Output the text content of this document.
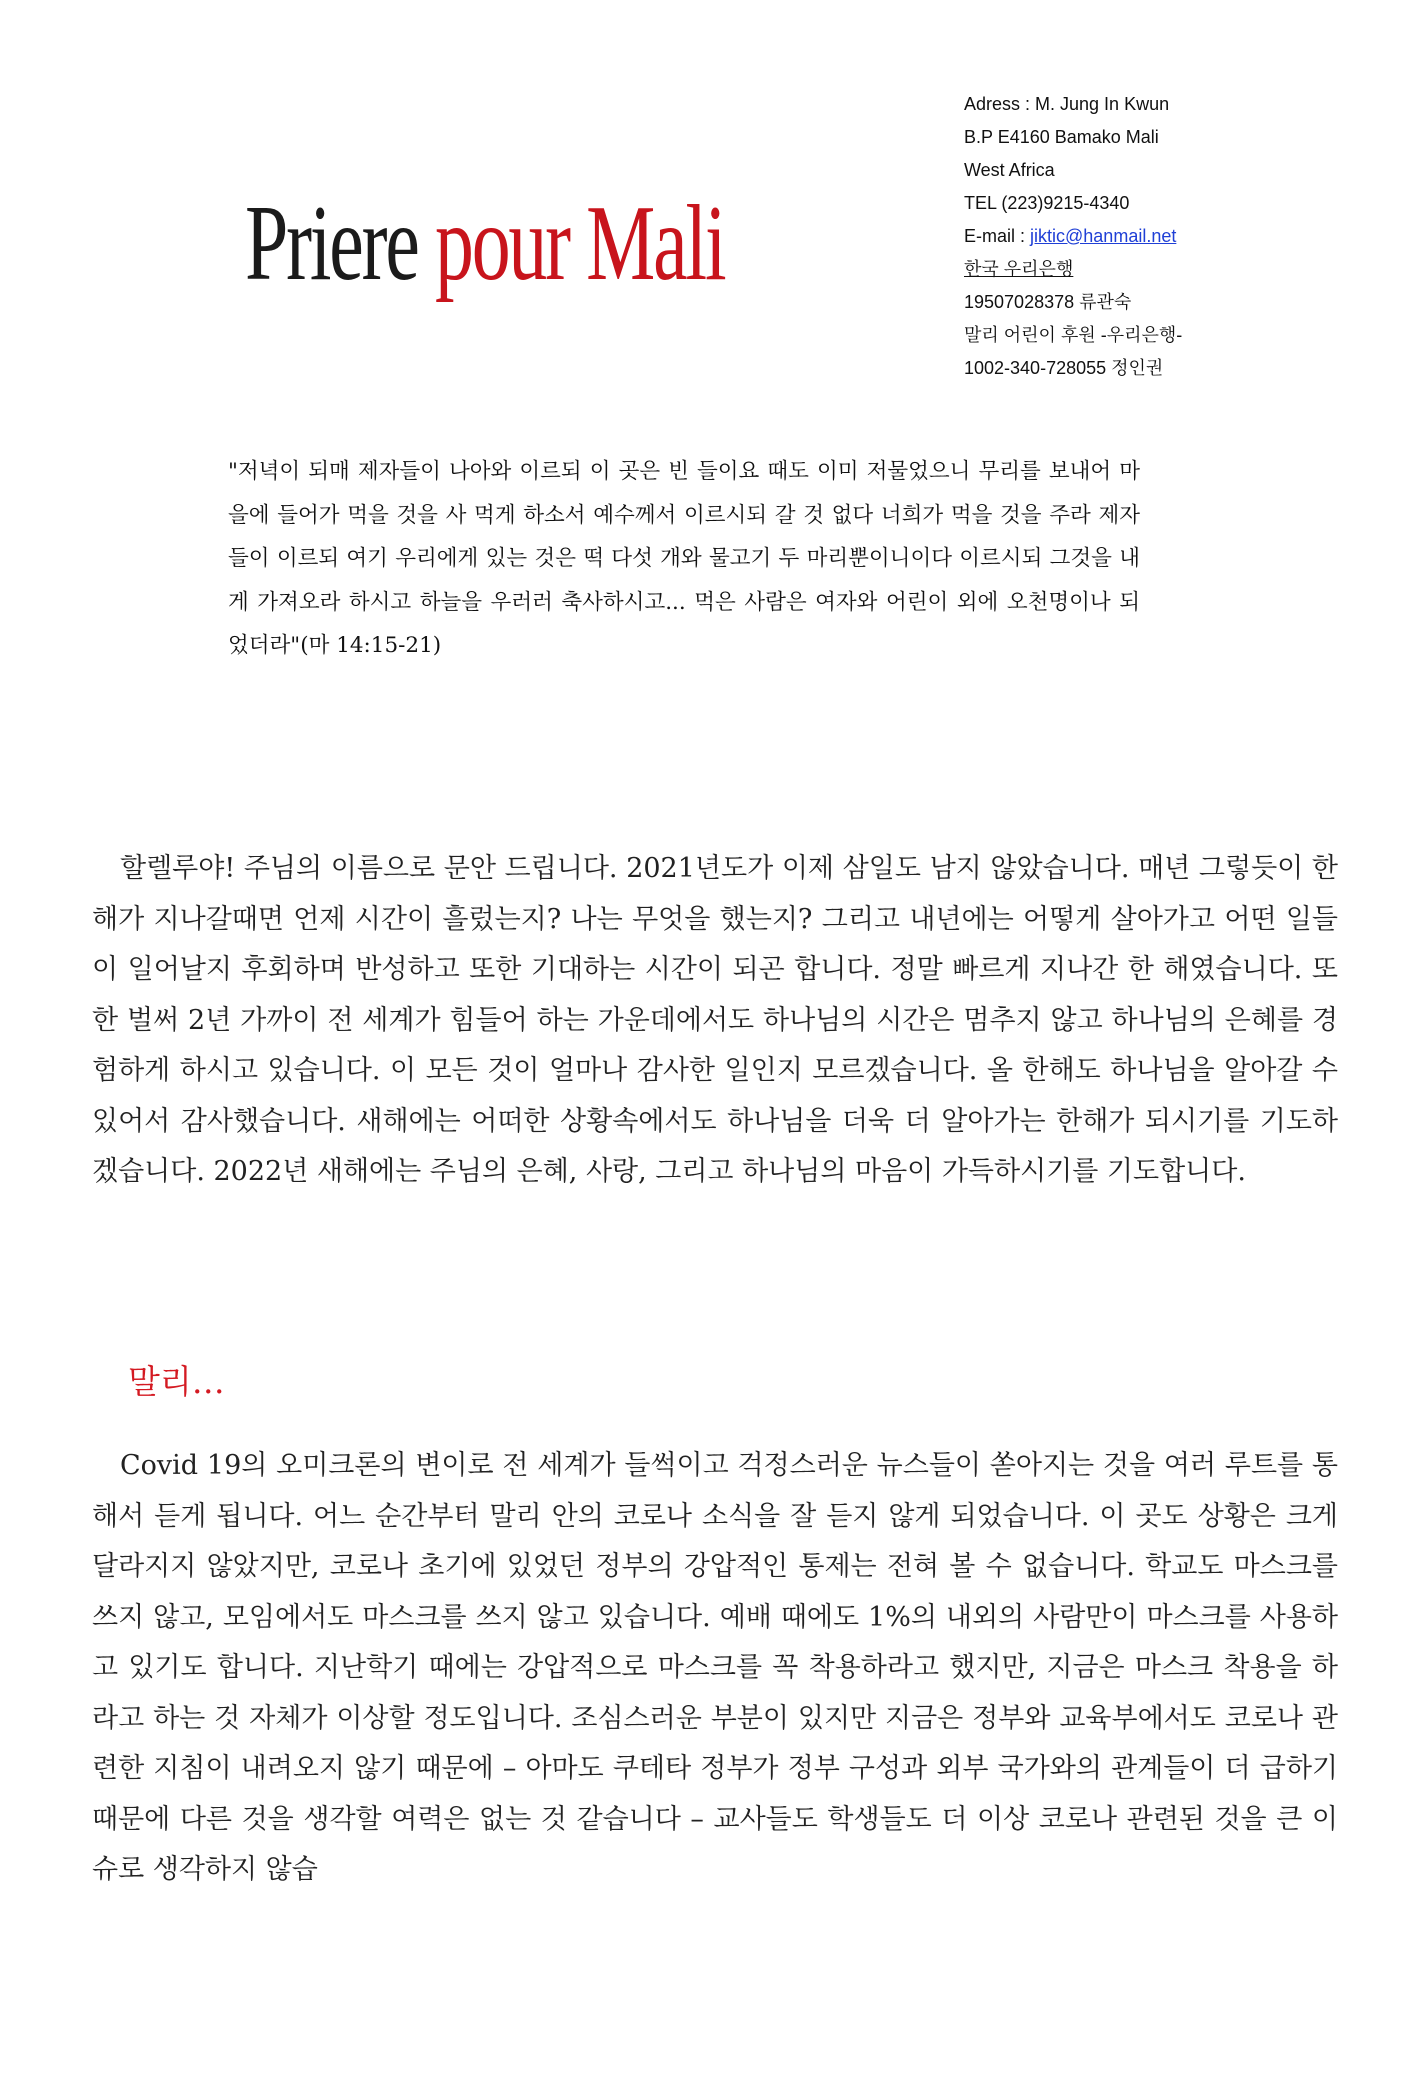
Priere pour Mali
Adress : M. Jung In Kwun
B.P E4160 Bamako Mali
West Africa
TEL (223)9215-4340
E-mail : jiktic@hanmail.net
한국 우리은행
19507028378 류관숙
말리 어린이 후원 -우리은행-
1002-340-728055 정인권
"저녁이 되매 제자들이 나아와 이르되 이 곳은 빈 들이요 때도 이미 저물었으니 무리를 보내어 마을에 들어가 먹을 것을 사 먹게 하소서 예수께서 이르시되 갈 것 없다 너희가 먹을 것을 주라 제자들이 이르되 여기 우리에게 있는 것은 떡 다섯 개와 물고기 두 마리뿐이니이다 이르시되 그것을 내게 가져오라 하시고 하늘을 우러러 축사하시고... 먹은 사람은 여자와 어린이 외에 오천명이나 되었더라"(마 14:15-21)
할렐루야! 주님의 이름으로 문안 드립니다. 2021년도가 이제 삼일도 남지 않았습니다. 매년 그렇듯이 한 해가 지나갈때면 언제 시간이 흘렀는지? 나는 무엇을 했는지? 그리고 내년에는 어떻게 살아가고 어떤 일들이 일어날지 후회하며 반성하고 또한 기대하는 시간이 되곤 합니다. 정말 빠르게 지나간 한 해였습니다. 또한 벌써 2년 가까이 전 세계가 힘들어 하는 가운데에서도 하나님의 시간은 멈추지 않고 하나님의 은혜를 경험하게 하시고 있습니다. 이 모든 것이 얼마나 감사한 일인지 모르겠습니다. 올 한해도 하나님을 알아갈 수 있어서 감사했습니다. 새해에는 어떠한 상황속에서도 하나님을 더욱 더 알아가는 한해가 되시기를 기도하겠습니다. 2022년 새해에는 주님의 은혜, 사랑, 그리고 하나님의 마음이 가득하시기를 기도합니다.
말리…
Covid 19의 오미크론의 변이로 전 세계가 들썩이고 걱정스러운 뉴스들이 쏟아지는 것을 여러 루트를 통해서 듣게 됩니다. 어느 순간부터 말리 안의 코로나 소식을 잘 듣지 않게 되었습니다. 이 곳도 상황은 크게 달라지지 않았지만, 코로나 초기에 있었던 정부의 강압적인 통제는 전혀 볼 수 없습니다. 학교도 마스크를 쓰지 않고, 모임에서도 마스크를 쓰지 않고 있습니다. 예배 때에도 1%의 내외의 사람만이 마스크를 사용하고 있기도 합니다. 지난학기 때에는 강압적으로 마스크를 꼭 착용하라고 했지만, 지금은 마스크 착용을 하라고 하는 것 자체가 이상할 정도입니다. 조심스러운 부분이 있지만 지금은 정부와 교육부에서도 코로나 관련한 지침이 내려오지 않기 때문에 – 아마도 쿠테타 정부가 정부 구성과 외부 국가와의 관계들이 더 급하기 때문에 다른 것을 생각할 여력은 없는 것 같습니다 – 교사들도 학생들도 더 이상 코로나 관련된 것을 큰 이슈로 생각하지 않습
